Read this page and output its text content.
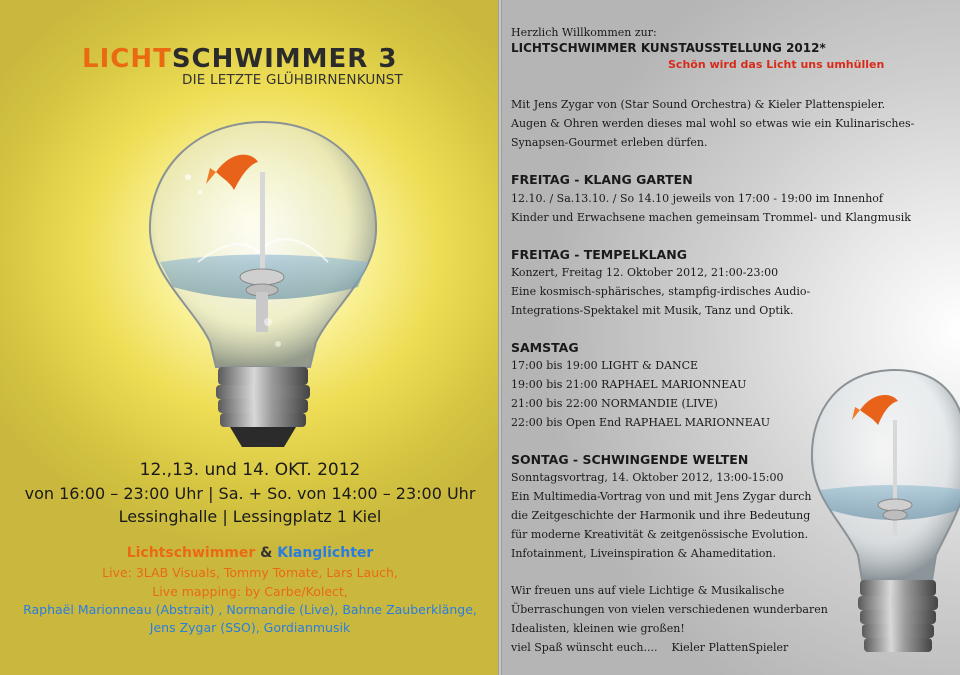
LICHTSCHWIMMER 3
DIE LETZTE GLÜHBIRNENKUNST
12.,13. und 14. OKT. 2012
von 16:00 – 23:00 Uhr | Sa. + So. von 14:00 – 23:00 Uhr
Lessinghalle | Lessingplatz 1 Kiel
Lichtschwimmer & Klanglichter
Live: 3LAB Visuals, Tommy Tomate, Lars Lauch,
Live mapping: by Carbe/Kolect,
Raphaël Marionneau (Abstrait) , Normandie (Live), Bahne Zauberklänge,
Jens Zygar (SSO), Gordianmusik
Herzlich Willkommen zur:
LICHTSCHWIMMER KUNSTAUSSTELLUNG 2012*
Schön wird das Licht uns umhüllen
Mit Jens Zygar von (Star Sound Orchestra) & Kieler Plattenspieler.
Augen & Ohren werden dieses mal wohl so etwas wie ein Kulinarisches-
Synapsen-Gourmet erleben dürfen.
FREITAG - KLANG GARTEN
12.10. / Sa.13.10. / So 14.10 jeweils von 17:00 - 19:00 im Innenhof
Kinder und Erwachsene machen gemeinsam Trommel- und Klangmusik
FREITAG - TEMPELKLANG
Konzert, Freitag 12. Oktober 2012, 21:00-23:00
Eine kosmisch-sphärisches, stampfig-irdisches Audio-
Integrations-Spektakel mit Musik, Tanz und Optik.
SAMSTAG
17:00 bis 19:00 LIGHT & DANCE
19:00 bis 21:00 RAPHAEL MARIONNEAU
21:00 bis 22:00 NORMANDIE (LIVE)
22:00 bis Open End RAPHAEL MARIONNEAU
SONTAG - SCHWINGENDE WELTEN
Sonntagsvortrag, 14. Oktober 2012, 13:00-15:00
Ein Multimedia-Vortrag von und mit Jens Zygar durch
die Zeitgeschichte der Harmonik und ihre Bedeutung
für moderne Kreativität & zeitgenössische Evolution.
Infotainment, Liveinspiration & Ahameditation.
Wir freuen uns auf viele Lichtige & Musikalische
Überraschungen von vielen verschiedenen wunderbaren
Idealisten, kleinen wie großen!
viel Spaß wünscht euch....    Kieler PlattenSpieler
